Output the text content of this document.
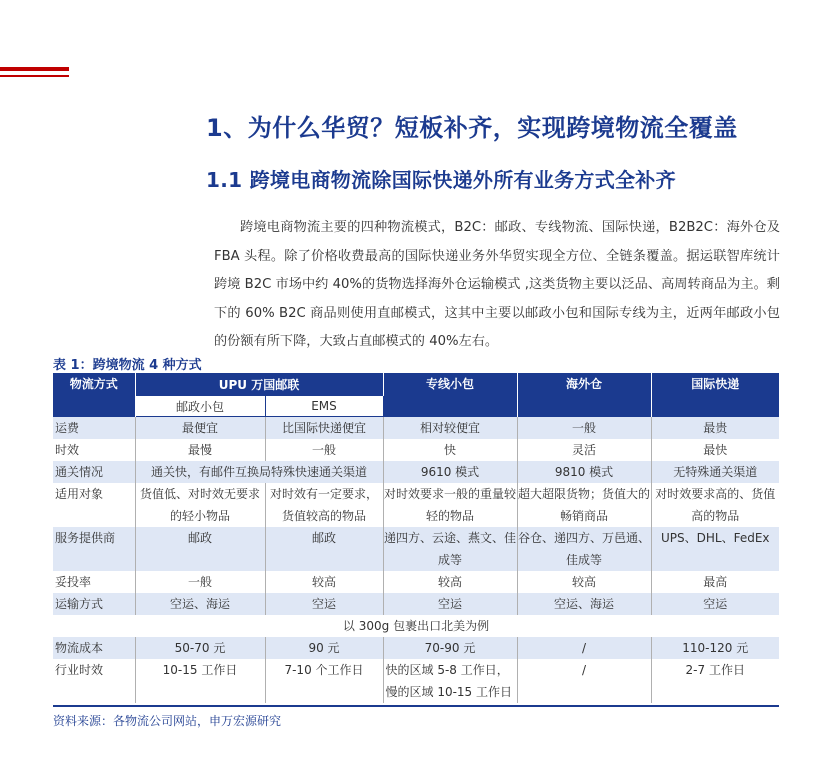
1、为什么华贸？短板补齐，实现跨境物流全覆盖
1.1 跨境电商物流除国际快递外所有业务方式全补齐

跨境电商物流主要的四种物流模式，B2C：邮政、专线物流、国际快递，B2B2C：海外仓及 FBA 头程。除了价格收费最高的国际快递业务外华贸实现全方位、全链条覆盖。据运联智库统计 跨境 B2C 市场中约 40%的货物选择海外仓运输模式 ,这类货物主要以泛品、高周转商品为主。剩下的 60% B2C 商品则使用直邮模式，这其中主要以邮政小包和国际专线为主，近两年邮政小包的份额有所下降，大致占直邮模式的 40%左右。

表 1：跨境物流 4 种方式
物流方式	UPU 万国邮联		专线小包	海外仓	国际快递
	邮政小包	EMS			
运费	最便宜	比国际快递便宜	相对较便宜	一般	最贵
时效	最慢	一般	快	灵活	最快
通关情况	通关快，有邮件互换局特殊快速通关渠道		9610 模式	9810 模式	无特殊通关渠道
适用对象	货值低、对时效无要求的轻小物品	对时效有一定要求，货值较高的物品	对时效要求一般的重量较轻的物品	超大超限货物；货值大的畅销商品	对时效要求高的、货值高的物品
服务提供商	邮政	邮政	递四方、云途、燕文、佳成等	谷仓、递四方、万邑通、佳成等	UPS、DHL、FedEx
妥投率	一般	较高	较高	较高	最高
运输方式	空运、海运	空运	空运	空运、海运	空运
以 300g 包裹出口北美为例					
物流成本	50-70 元	90 元	70-90 元	/	110-120 元
行业时效	10-15 工作日	7-10 个工作日	快的区域 5-8 工作日，慢的区域 10-15 工作日	/	2-7 工作日
资料来源：各物流公司网站，申万宏源研究
